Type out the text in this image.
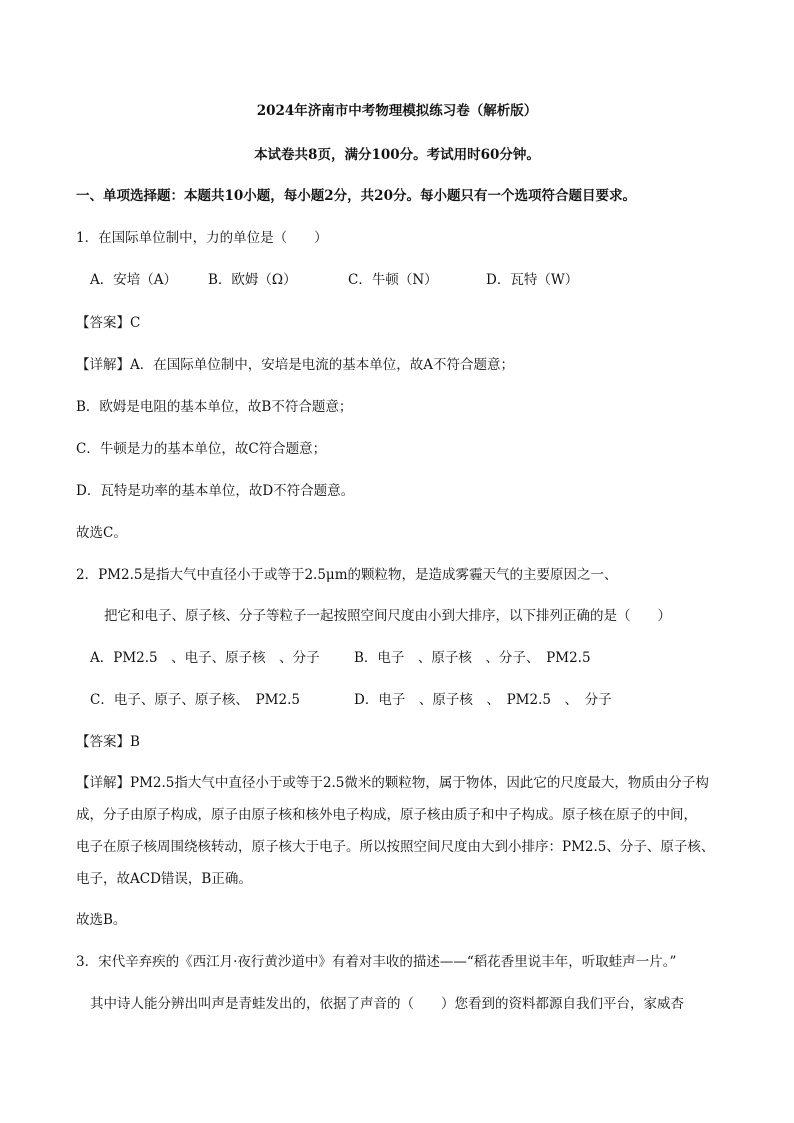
2024年济南市中考物理模拟练习卷（解析版）
本试卷共8页，满分100分。考试用时60分钟。
一、单项选择题：本题共10小题，每小题2分，共20分。每小题只有一个选项符合题目要求。
1．在国际单位制中，力的单位是（　　）
A．安培（A） B．欧姆（Ω）	C．牛顿（N）	D．瓦特（W）
【答案】C
【详解】A．在国际单位制中，安培是电流的基本单位，故A不符合题意；
B．欧姆是电阻的基本单位，故B不符合题意；
C．牛顿是力的基本单位，故C符合题意；
D．瓦特是功率的基本单位，故D不符合题意。
故选C。
2．PM2.5是指大气中直径小于或等于2.5μm的颗粒物，是造成雾霾天气的主要原因之一、
把它和电子、原子核、分子等粒子一起按照空间尺度由小到大排序，以下排列正确的是（　　）
A．PM2.5　、电子、原子核　、分子	B．电子　、原子核　、分子、　PM2.5
C．电子、原子、原子核、　PM2.5	D．电子　、原子核　、　PM2.5　、　分子
【答案】B
【详解】PM2.5指大气中直径小于或等于2.5微米的颗粒物，属于物体，因此它的尺度最大，物质由分子构
成，分子由原子构成，原子由原子核和核外电子构成，原子核由质子和中子构成。原子核在原子的中间，
电子在原子核周围绕核转动，原子核大于电子。所以按照空间尺度由大到小排序：PM2.5、分子、原子核、
电子，故ACD错误，B正确。
故选B。
3．宋代辛弃疾的《西江月·夜行黄沙道中》有着对丰收的描述——“稻花香里说丰年，听取蛙声一片。”
其中诗人能分辨出叫声是青蛙发出的，依据了声音的（　　）您看到的资料都源自我们平台，家威杏
